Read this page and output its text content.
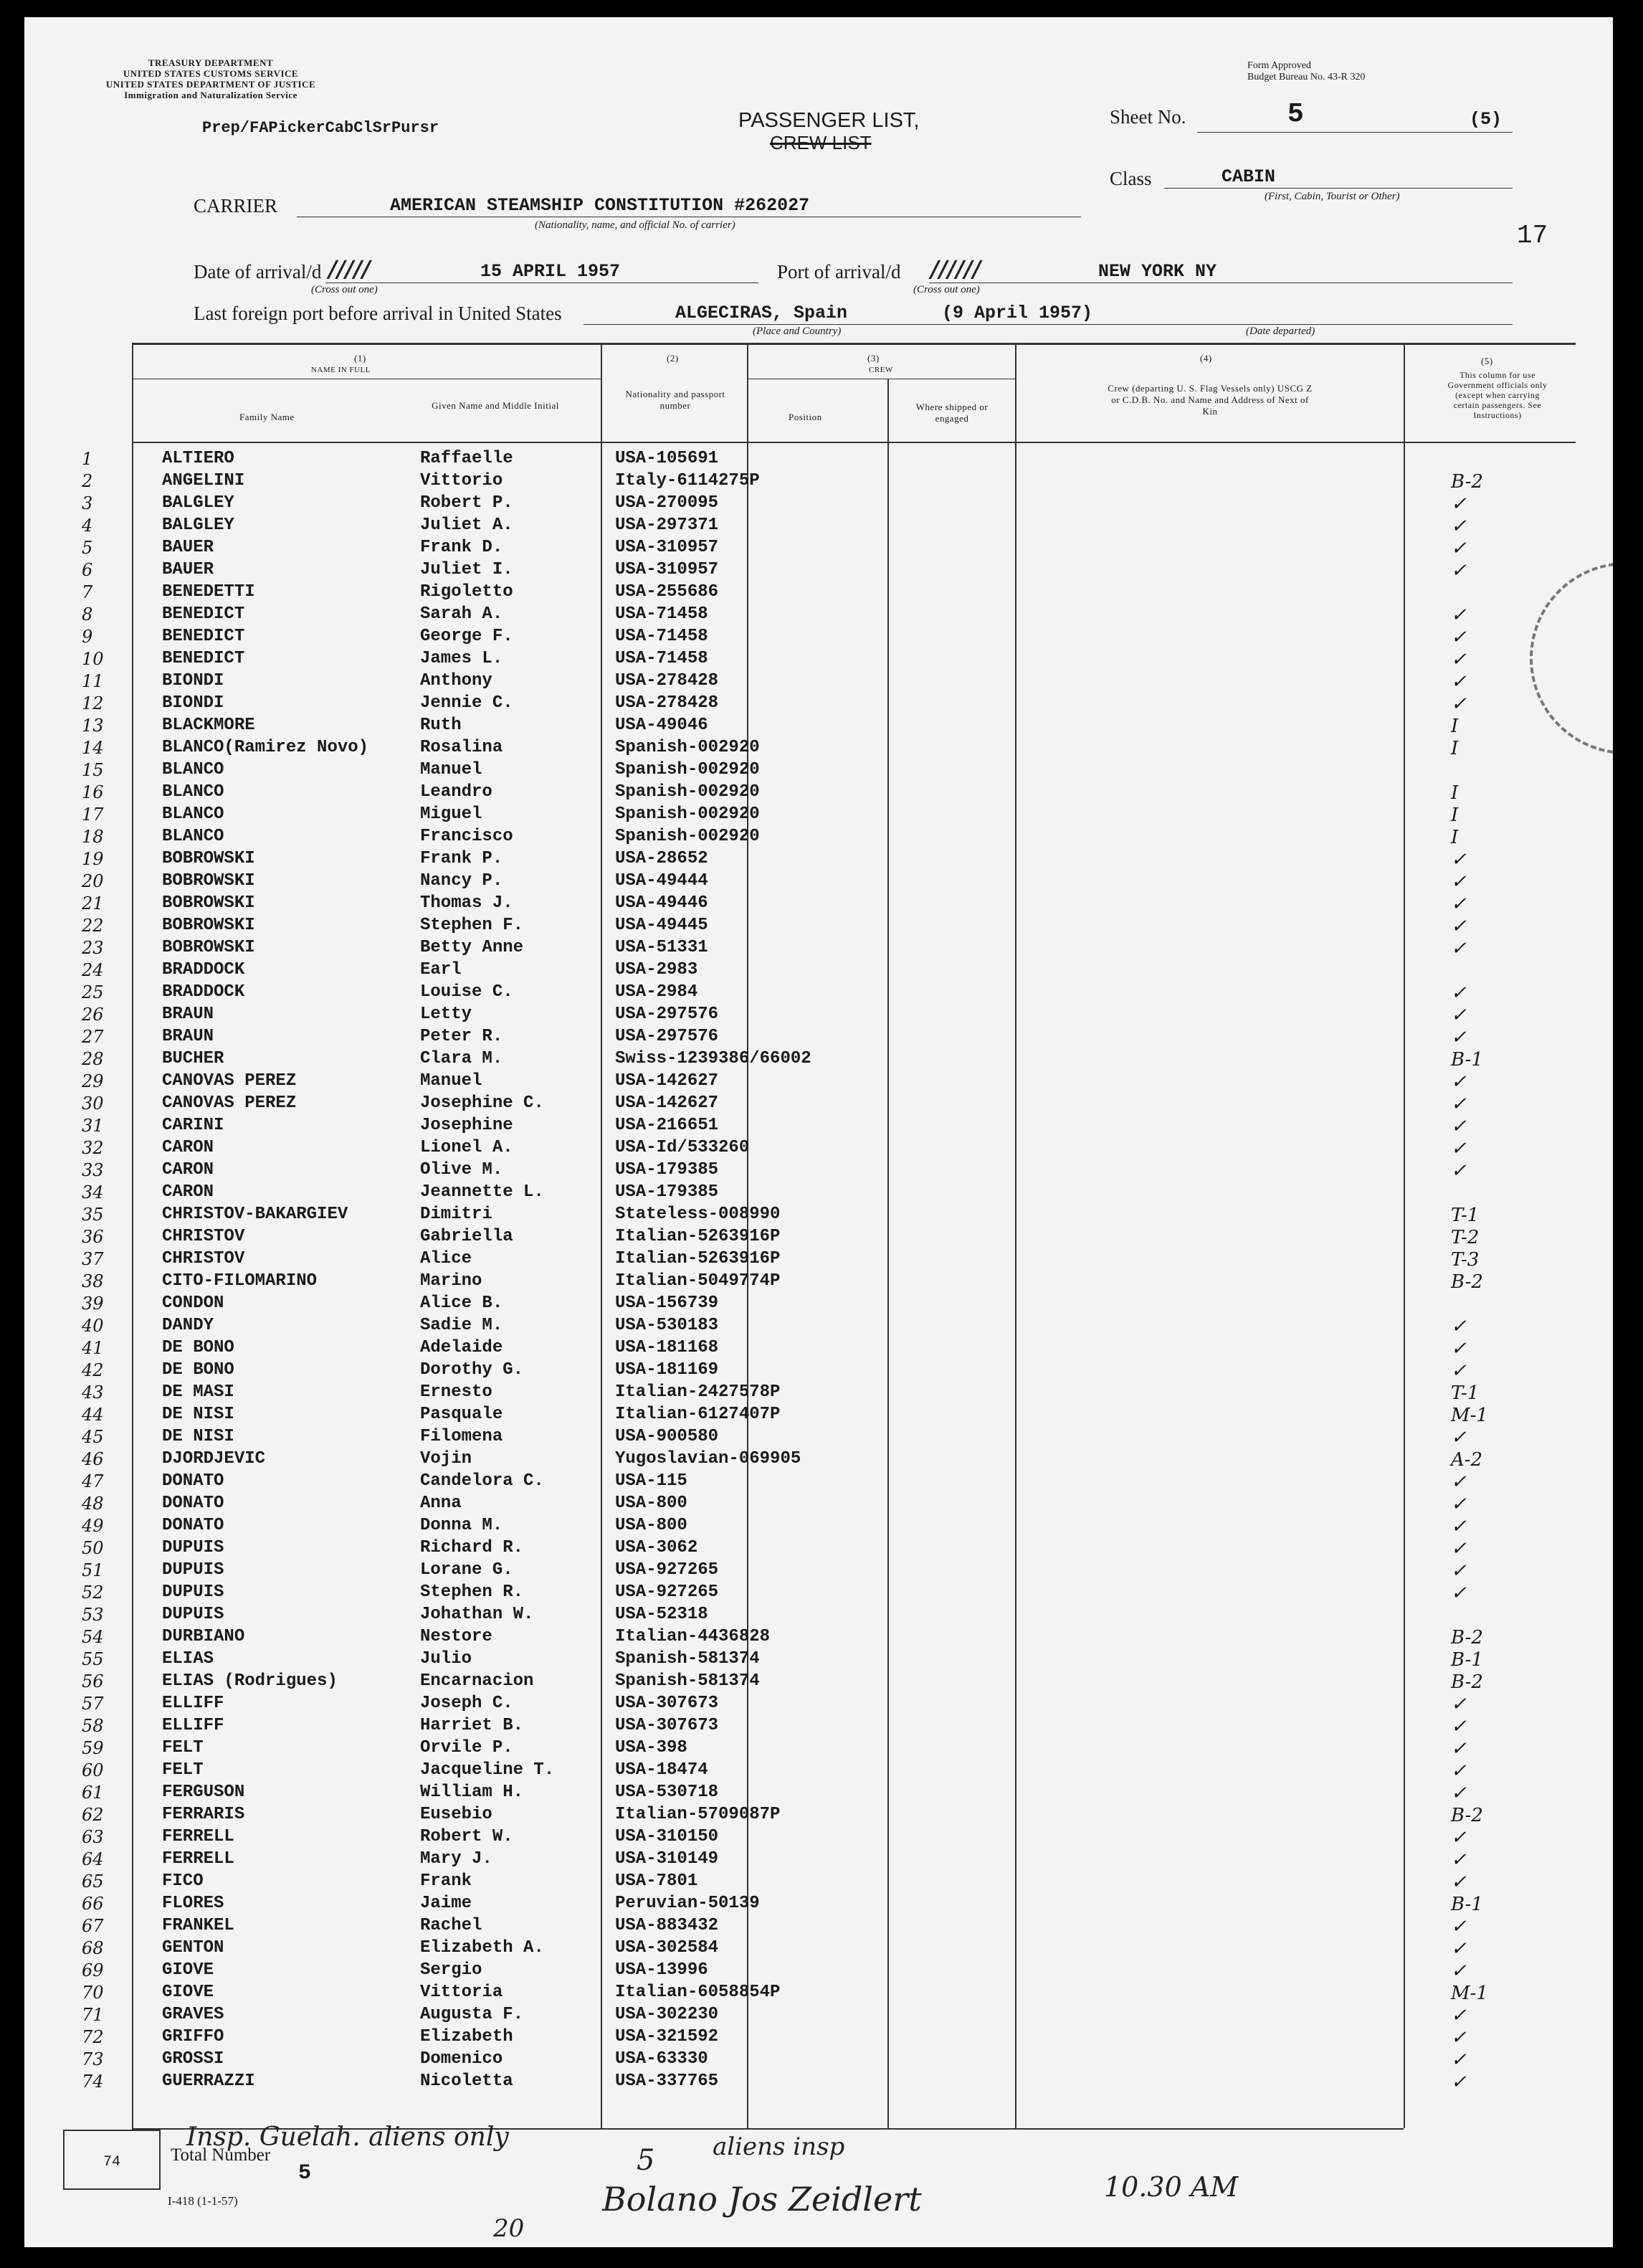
TREASURY DEPARTMENT
UNITED STATES CUSTOMS SERVICE
UNITED STATES DEPARTMENT OF JUSTICE
Immigration and Naturalization Service
Form Approved
Budget Bureau No. 43-R 320
Prep/FAPickerCabClSrPursr	PASSENGER LIST,
CREW LIST
Sheet No.	5	(5)
Class	CABIN
(First, Cabin, Tourist or Other)
17
CARRIER	AMERICAN STEAMSHIP CONSTITUTION #262027
(Nationality, name, and official No. of carrier)
Date of arrival/d /////
(Cross out one)
15 APRIL 1957	Port of arrival/d //////
(Cross out one)
NEW YORK NY
Last foreign port before arrival in United States	ALGECIRAS, Spain	(9 April 1957)
(Place and Country)	(Date departed)
(1)
NAME IN FULL
Family Name
Given Name and Middle Initial
(2)
Nationality and passport number
(3)
CREW
Position
Where shipped or engaged
(4)
Crew (departing U. S. Flag Vessels only) USCG Z or C.D.B. No. and Name and Address of Next of Kin
(5)
This column for use Government officials only (except when carrying certain passengers. See Instructions)
1	ALTIERO	Raffaelle	USA-105691
2	ANGELINI	Vittorio	Italy-6114275P	B-2
3	BALGLEY	Robert P.	USA-270095	✓
4	BALGLEY	Juliet A.	USA-297371	✓
5	BAUER	Frank D.	USA-310957	✓
6	BAUER	Juliet I.	USA-310957	✓
7	BENEDETTI	Rigoletto	USA-255686
8	BENEDICT	Sarah A.	USA-71458	✓
9	BENEDICT	George F.	USA-71458	✓
10	BENEDICT	James L.	USA-71458	✓
11	BIONDI	Anthony	USA-278428	✓
12	BIONDI	Jennie C.	USA-278428	✓
13	BLACKMORE	Ruth	USA-49046	I
14	BLANCO(Ramirez Novo)	Rosalina	Spanish-002920	I
15	BLANCO	Manuel	Spanish-002920
16	BLANCO	Leandro	Spanish-002920	I
17	BLANCO	Miguel	Spanish-002920	I
18	BLANCO	Francisco	Spanish-002920	I
19	BOBROWSKI	Frank P.	USA-28652	✓
20	BOBROWSKI	Nancy P.	USA-49444	✓
21	BOBROWSKI	Thomas J.	USA-49446	✓
22	BOBROWSKI	Stephen F.	USA-49445	✓
23	BOBROWSKI	Betty Anne	USA-51331	✓
24	BRADDOCK	Earl	USA-2983
25	BRADDOCK	Louise C.	USA-2984	✓
26	BRAUN	Letty	USA-297576	✓
27	BRAUN	Peter R.	USA-297576	✓
28	BUCHER	Clara M.	Swiss-1239386/66002	B-1
29	CANOVAS PEREZ	Manuel	USA-142627	✓
30	CANOVAS PEREZ	Josephine C.	USA-142627	✓
31	CARINI	Josephine	USA-216651	✓
32	CARON	Lionel A.	USA-Id/533260	✓
33	CARON	Olive M.	USA-179385	✓
34	CARON	Jeannette L.	USA-179385
35	CHRISTOV-BAKARGIEV	Dimitri	Stateless-008990	T-1
36	CHRISTOV	Gabriella	Italian-5263916P	T-2
37	CHRISTOV	Alice	Italian-5263916P	T-3
38	CITO-FILOMARINO	Marino	Italian-5049774P	B-2
39	CONDON	Alice B.	USA-156739
40	DANDY	Sadie M.	USA-530183	✓
41	DE BONO	Adelaide	USA-181168	✓
42	DE BONO	Dorothy G.	USA-181169	✓
43	DE MASI	Ernesto	Italian-2427578P	T-1
44	DE NISI	Pasquale	Italian-6127407P	M-1
45	DE NISI	Filomena	USA-900580	✓
46	DJORDJEVIC	Vojin	Yugoslavian-069905	A-2
47	DONATO	Candelora C.	USA-115	✓
48	DONATO	Anna	USA-800	✓
49	DONATO	Donna M.	USA-800	✓
50	DUPUIS	Richard R.	USA-3062	✓
51	DUPUIS	Lorane G.	USA-927265	✓
52	DUPUIS	Stephen R.	USA-927265	✓
53	DUPUIS	Johathan W.	USA-52318
54	DURBIANO	Nestore	Italian-4436828	B-2
55	ELIAS	Julio	Spanish-581374	B-1
56	ELIAS (Rodrigues)	Encarnacion	Spanish-581374	B-2
57	ELLIFF	Joseph C.	USA-307673	✓
58	ELLIFF	Harriet B.	USA-307673	✓
59	FELT	Orvile P.	USA-398	✓
60	FELT	Jacqueline T.	USA-18474	✓
61	FERGUSON	William H.	USA-530718	✓
62	FERRARIS	Eusebio	Italian-5709087P	B-2
63	FERRELL	Robert W.	USA-310150	✓
64	FERRELL	Mary J.	USA-310149	✓
65	FICO	Frank	USA-7801	✓
66	FLORES	Jaime	Peruvian-50139	B-1
67	FRANKEL	Rachel	USA-883432	✓
68	GENTON	Elizabeth A.	USA-302584	✓
69	GIOVE	Sergio	USA-13996	✓
70	GIOVE	Vittoria	Italian-6058854P	M-1
71	GRAVES	Augusta F.	USA-302230	✓
72	GRIFFO	Elizabeth	USA-321592	✓
73	GROSSI	Domenico	USA-63330	✓
74	GUERRAZZI	Nicoletta	USA-337765	✓
74	Total Number
5
I-418 (1-1-57)
Insp. Guelah. aliens only
5 aliens insp
Bolano Jos Zeidlert	10.30 AM
20
